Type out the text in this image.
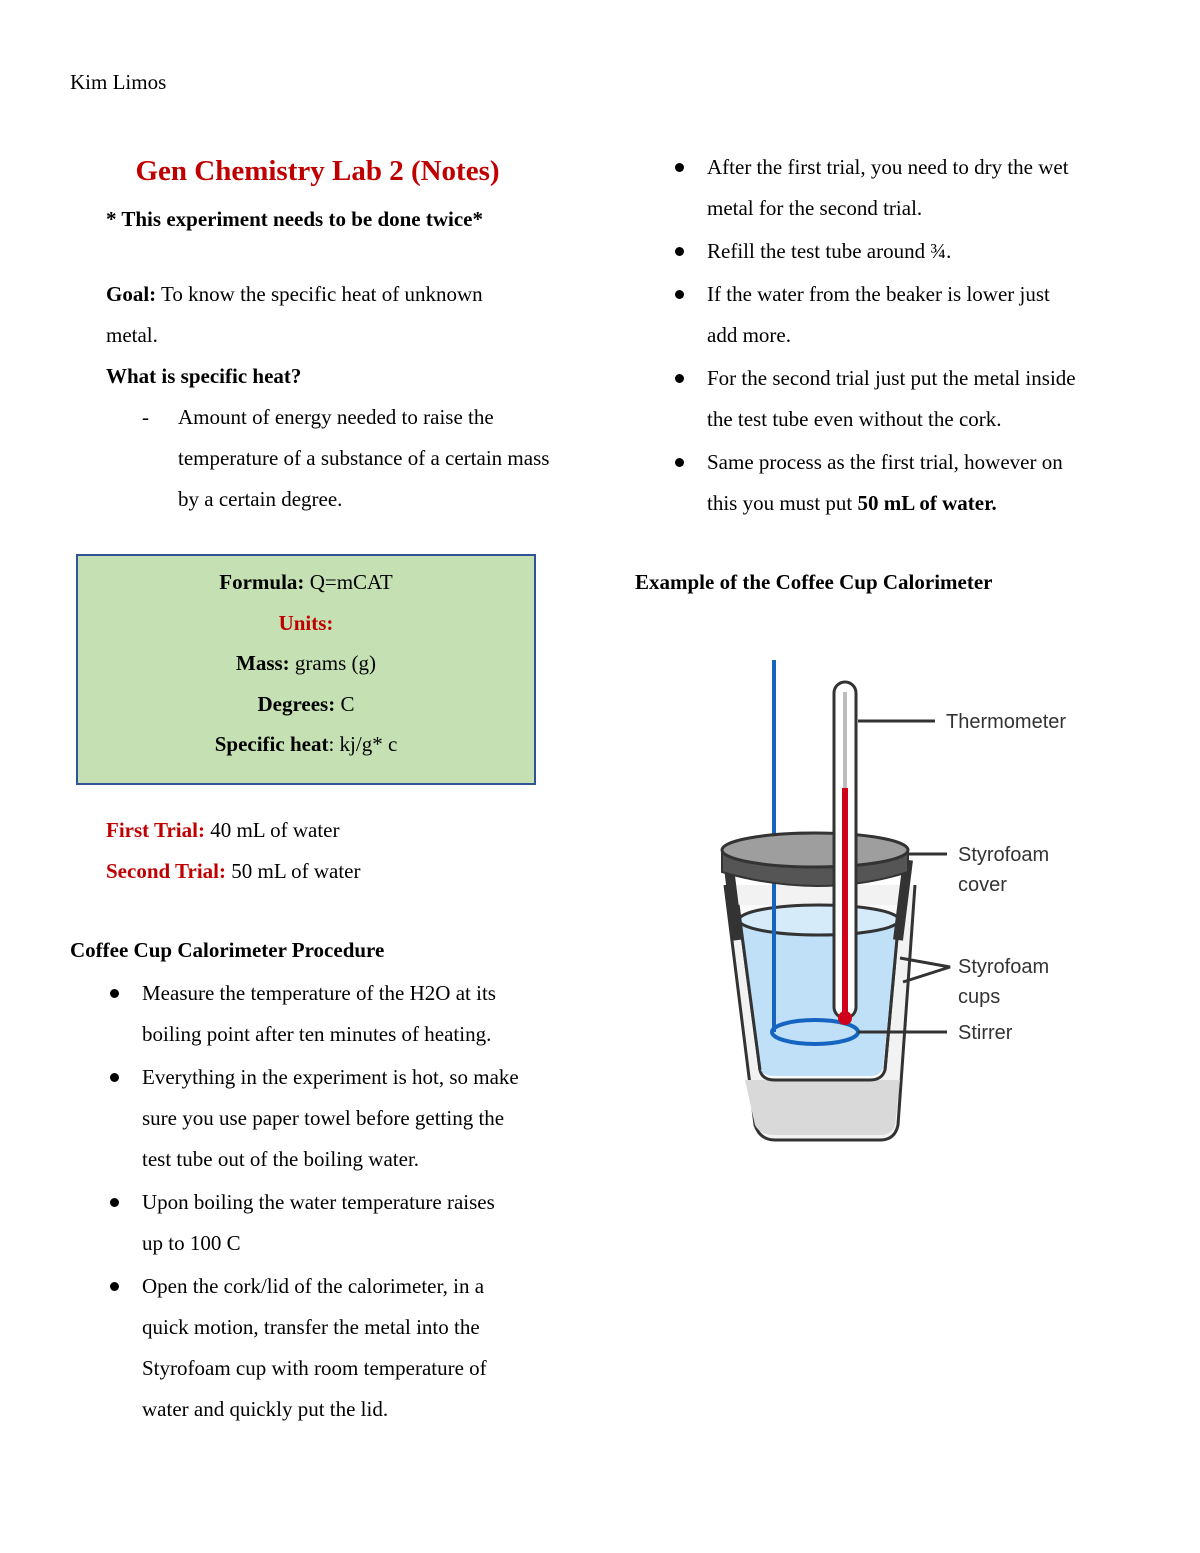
Kim Limos
Gen Chemistry Lab 2 (Notes)

* This experiment needs to be done twice*

Goal: To know the specific heat of unknown

metal.

What is specific heat?

- Amount of energy needed to raise the
temperature of a substance of a certain mass
by a certain degree.

Formula: Q=mCAT

Units:

Mass: grams (g)

Degrees: C

Specific heat: kj/g* c

First Trial: 40 mL of water

Second Trial: 50 mL of water

Coffee Cup Calorimeter Procedure
Measure the temperature of the H2O at its
boiling point after ten minutes of heating.
Everything in the experiment is hot, so make
sure you use paper towel before getting the
test tube out of the boiling water.
Upon boiling the water temperature raises
up to 100 C
Open the cork/lid of the calorimeter, in a
quick motion, transfer the metal into the
Styrofoam cup with room temperature of
water and quickly put the lid.
After the first trial, you need to dry the wet
metal for the second trial.
Refill the test tube around ¾.
If the water from the beaker is lower just
add more.
For the second trial just put the metal inside
the test tube even without the cork.
Same process as the first trial, however on
this you must put 50 mL of water.
Example of the Coffee Cup Calorimeter
Thermometer
Styrofoam
cover
Styrofoam
cups
Stirrer
